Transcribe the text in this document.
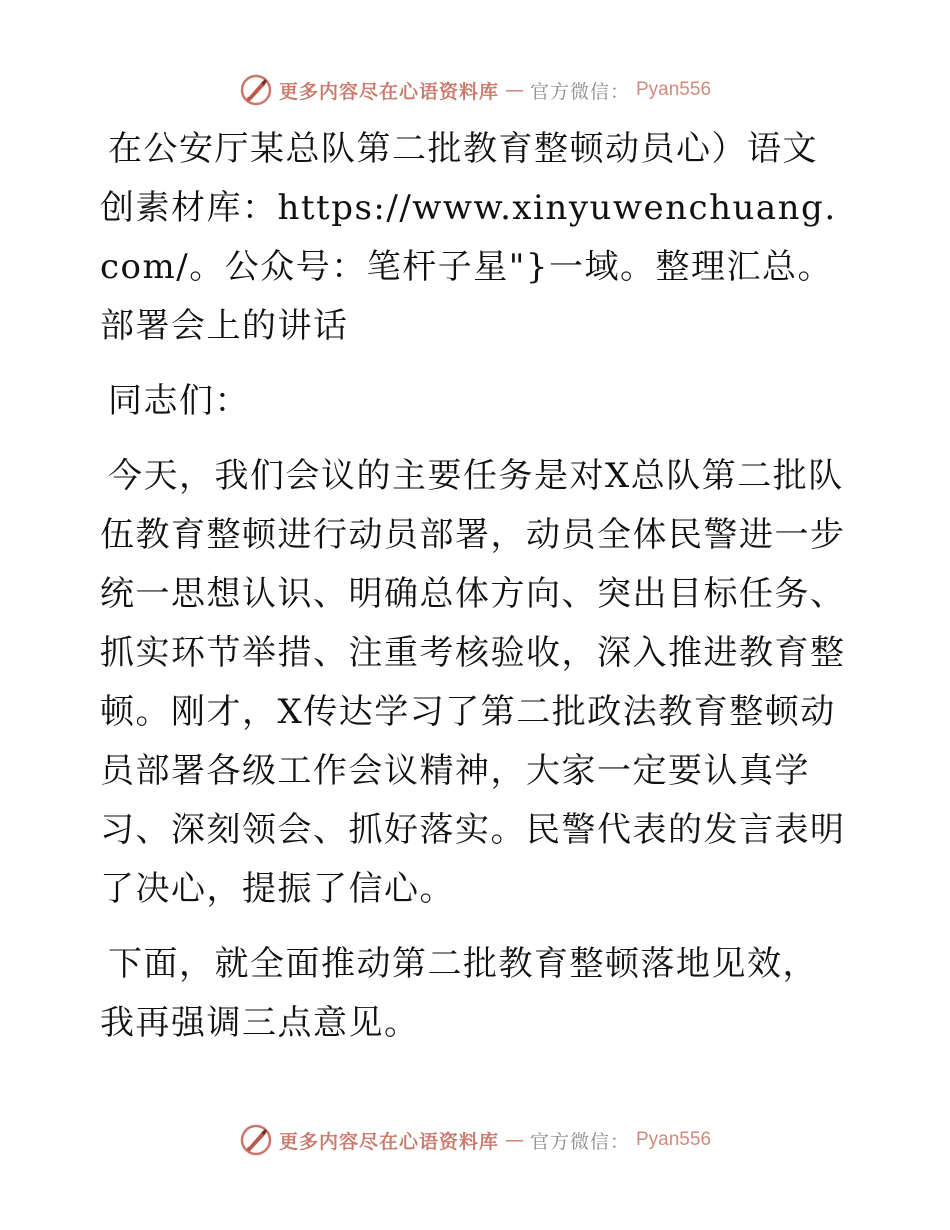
更多内容尽在心语资料库 — 官方微信： Pyan556

在公安厅某总队第二批教育整顿动员心）语文创素材库：https://www.xinyuwenchuang.com/。公众号：笔杆子星"}一域。整理汇总。部署会上的讲话

同志们：

今天，我们会议的主要任务是对X总队第二批队伍教育整顿进行动员部署，动员全体民警进一步统一思想认识、明确总体方向、突出目标任务、抓实环节举措、注重考核验收，深入推进教育整顿。刚才，X传达学习了第二批政法教育整顿动员部署各级工作会议精神，大家一定要认真学习、深刻领会、抓好落实。民警代表的发言表明了决心，提振了信心。

下面，就全面推动第二批教育整顿落地见效，我再强调三点意见。

更多内容尽在心语资料库 — 官方微信： Pyan556
